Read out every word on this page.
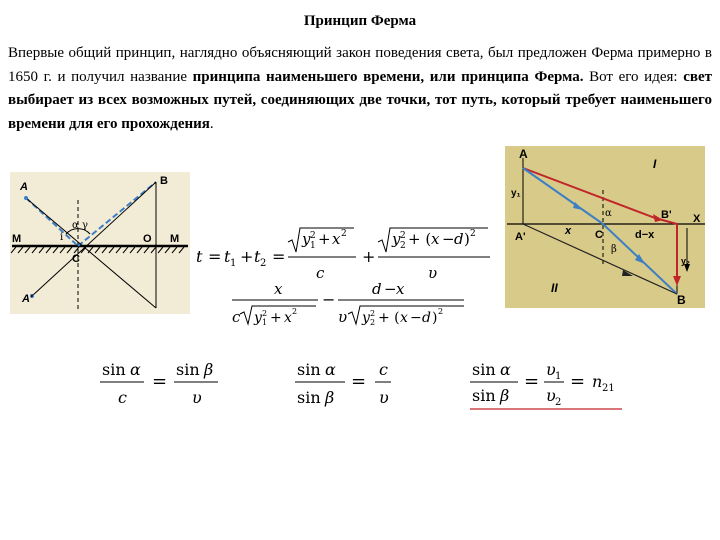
Принцип Ферма
Впервые общий принцип, наглядно объясняющий закон поведения света, был предложен Ферма примерно в 1650 г. и получил название принципа наименьшего времени, или принципа Ферма. Вот его идея: свет выбирает из всех возможных путей, соединяющих две точки, тот путь, который требует наименьшего времени для его прохождения.
A	B
A'
M	M
O
C
α γ
i
A
B
B' X
A'	C
y₁
y₂
x	d−x
α
β
I
II
t = t 1 + t 2 =
y 2
1 + x 2
c
+
y 2
2 + ( x − d ) 2
υ
x
c y 2
1 + x 2
−
d − x
υ y 2
2 + ( x − d ) 2
sin α
c
=
sin β
υ
sin α
sin β
=
c
υ
sin α
sin β
=
υ 1
υ 2
= n 21
